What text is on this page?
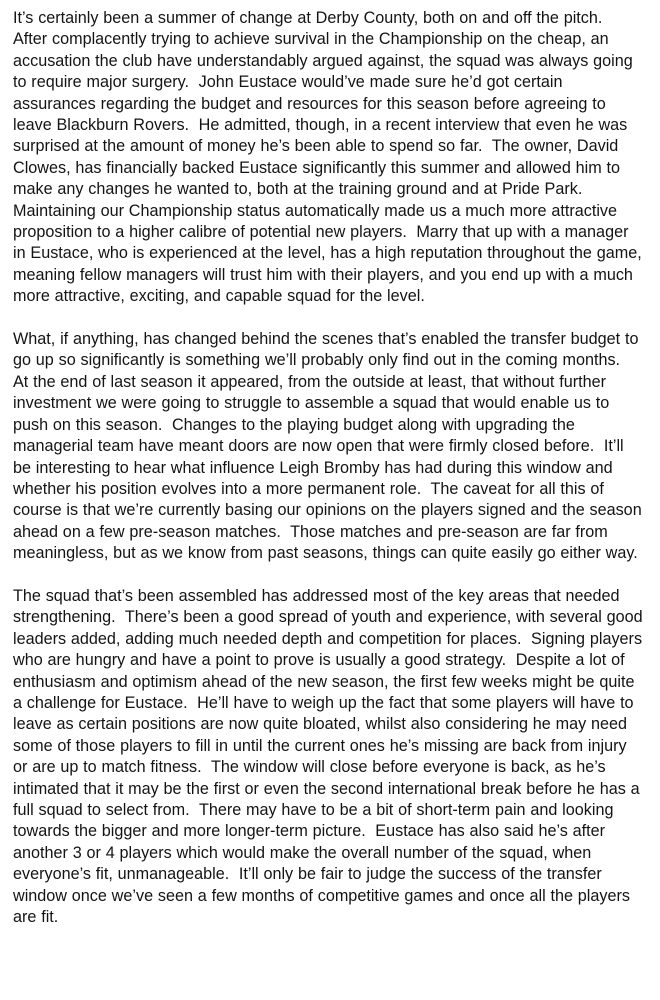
It’s certainly been a summer of change at Derby County, both on and off the pitch.  After complacently trying to achieve survival in the Championship on the cheap, an accusation the club have understandably argued against, the squad was always going to require major surgery.  John Eustace would’ve made sure he’d got certain assurances regarding the budget and resources for this season before agreeing to leave Blackburn Rovers.  He admitted, though, in a recent interview that even he was surprised at the amount of money he’s been able to spend so far.  The owner, David Clowes, has financially backed Eustace significantly this summer and allowed him to make any changes he wanted to, both at the training ground and at Pride Park.  Maintaining our Championship status automatically made us a much more attractive proposition to a higher calibre of potential new players.  Marry that up with a manager in Eustace, who is experienced at the level, has a high reputation throughout the game, meaning fellow managers will trust him with their players, and you end up with a much more attractive, exciting, and capable squad for the level.

What, if anything, has changed behind the scenes that’s enabled the transfer budget to go up so significantly is something we’ll probably only find out in the coming months.  At the end of last season it appeared, from the outside at least, that without further investment we were going to struggle to assemble a squad that would enable us to push on this season.  Changes to the playing budget along with upgrading the managerial team have meant doors are now open that were firmly closed before.  It’ll be interesting to hear what influence Leigh Bromby has had during this window and whether his position evolves into a more permanent role.  The caveat for all this of course is that we’re currently basing our opinions on the players signed and the season ahead on a few pre-season matches.  Those matches and pre-season are far from meaningless, but as we know from past seasons, things can quite easily go either way.

The squad that’s been assembled has addressed most of the key areas that needed strengthening.  There’s been a good spread of youth and experience, with several good leaders added, adding much needed depth and competition for places.  Signing players who are hungry and have a point to prove is usually a good strategy.  Despite a lot of enthusiasm and optimism ahead of the new season, the first few weeks might be quite a challenge for Eustace.  He’ll have to weigh up the fact that some players will have to leave as certain positions are now quite bloated, whilst also considering he may need some of those players to fill in until the current ones he’s missing are back from injury or are up to match fitness.  The window will close before everyone is back, as he’s intimated that it may be the first or even the second international break before he has a full squad to select from.  There may have to be a bit of short-term pain and looking towards the bigger and more longer-term picture.  Eustace has also said he’s after another 3 or 4 players which would make the overall number of the squad, when everyone’s fit, unmanageable.  It’ll only be fair to judge the success of the transfer window once we’ve seen a few months of competitive games and once all the players are fit.
